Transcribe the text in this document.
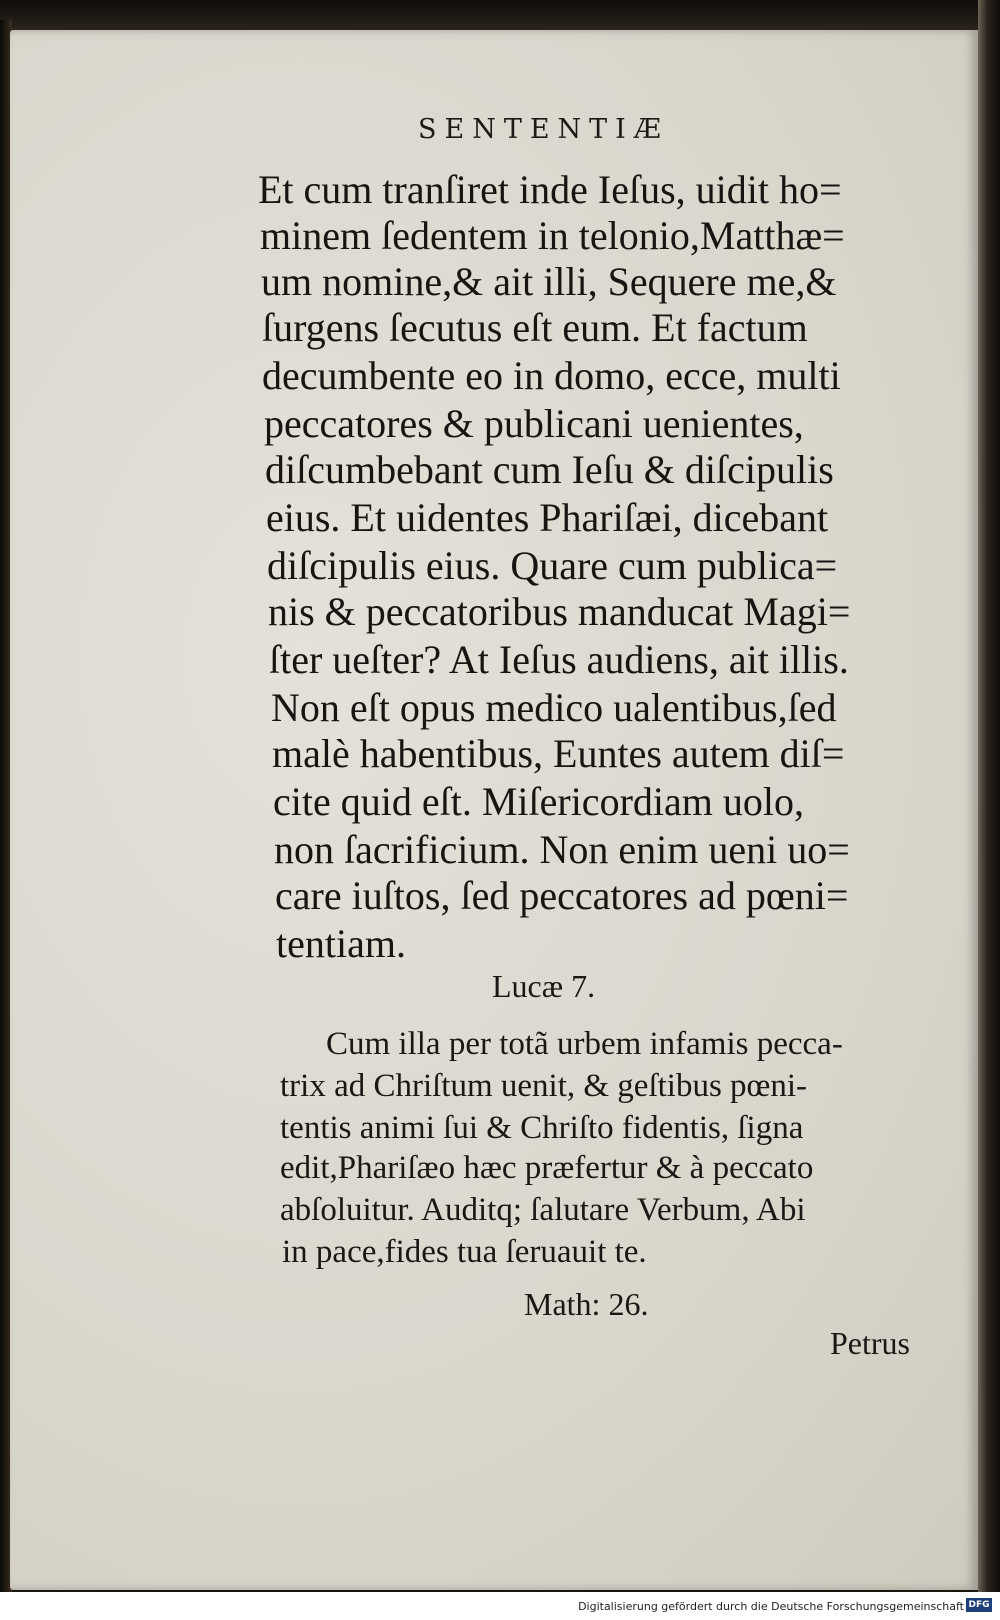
SENTENTIÆ
Et cum tranſiret inde Ieſus, uidit ho=
minem ſedentem in telonio,Matthæ=
um nomine,& ait illi, Sequere me,&
ſurgens ſecutus eſt eum. Et factum
decumbente eo in domo, ecce, multi
peccatores & publicani uenientes,
diſcumbebant cum Ieſu & diſcipulis
eius. Et uidentes Phariſæi, dicebant
diſcipulis eius. Quare cum publica=
nis & peccatoribus manducat Magi=
ſter ueſter? At Ieſus audiens, ait illis.
Non eſt opus medico ualentibus,ſed
malè habentibus, Euntes autem diſ=
cite quid eſt. Miſericordiam uolo,
non ſacrificium. Non enim ueni uo=
care iuſtos, ſed peccatores ad pœni=
tentiam.
Lucæ 7.
Cum illa per totã urbem infamis pecca-
trix ad Chriſtum uenit, & geſtibus pœni-
tentis animi ſui & Chriſto fidentis, ſigna
edit,Phariſæo hæc præfertur & à peccato
abſoluitur. Auditq; ſalutare Verbum, Abi
in pace,fides tua ſeruauit te.
Math: 26.
Petrus
Digitalisierung gefördert durch die Deutsche Forschungsgemeinschaft DFG
